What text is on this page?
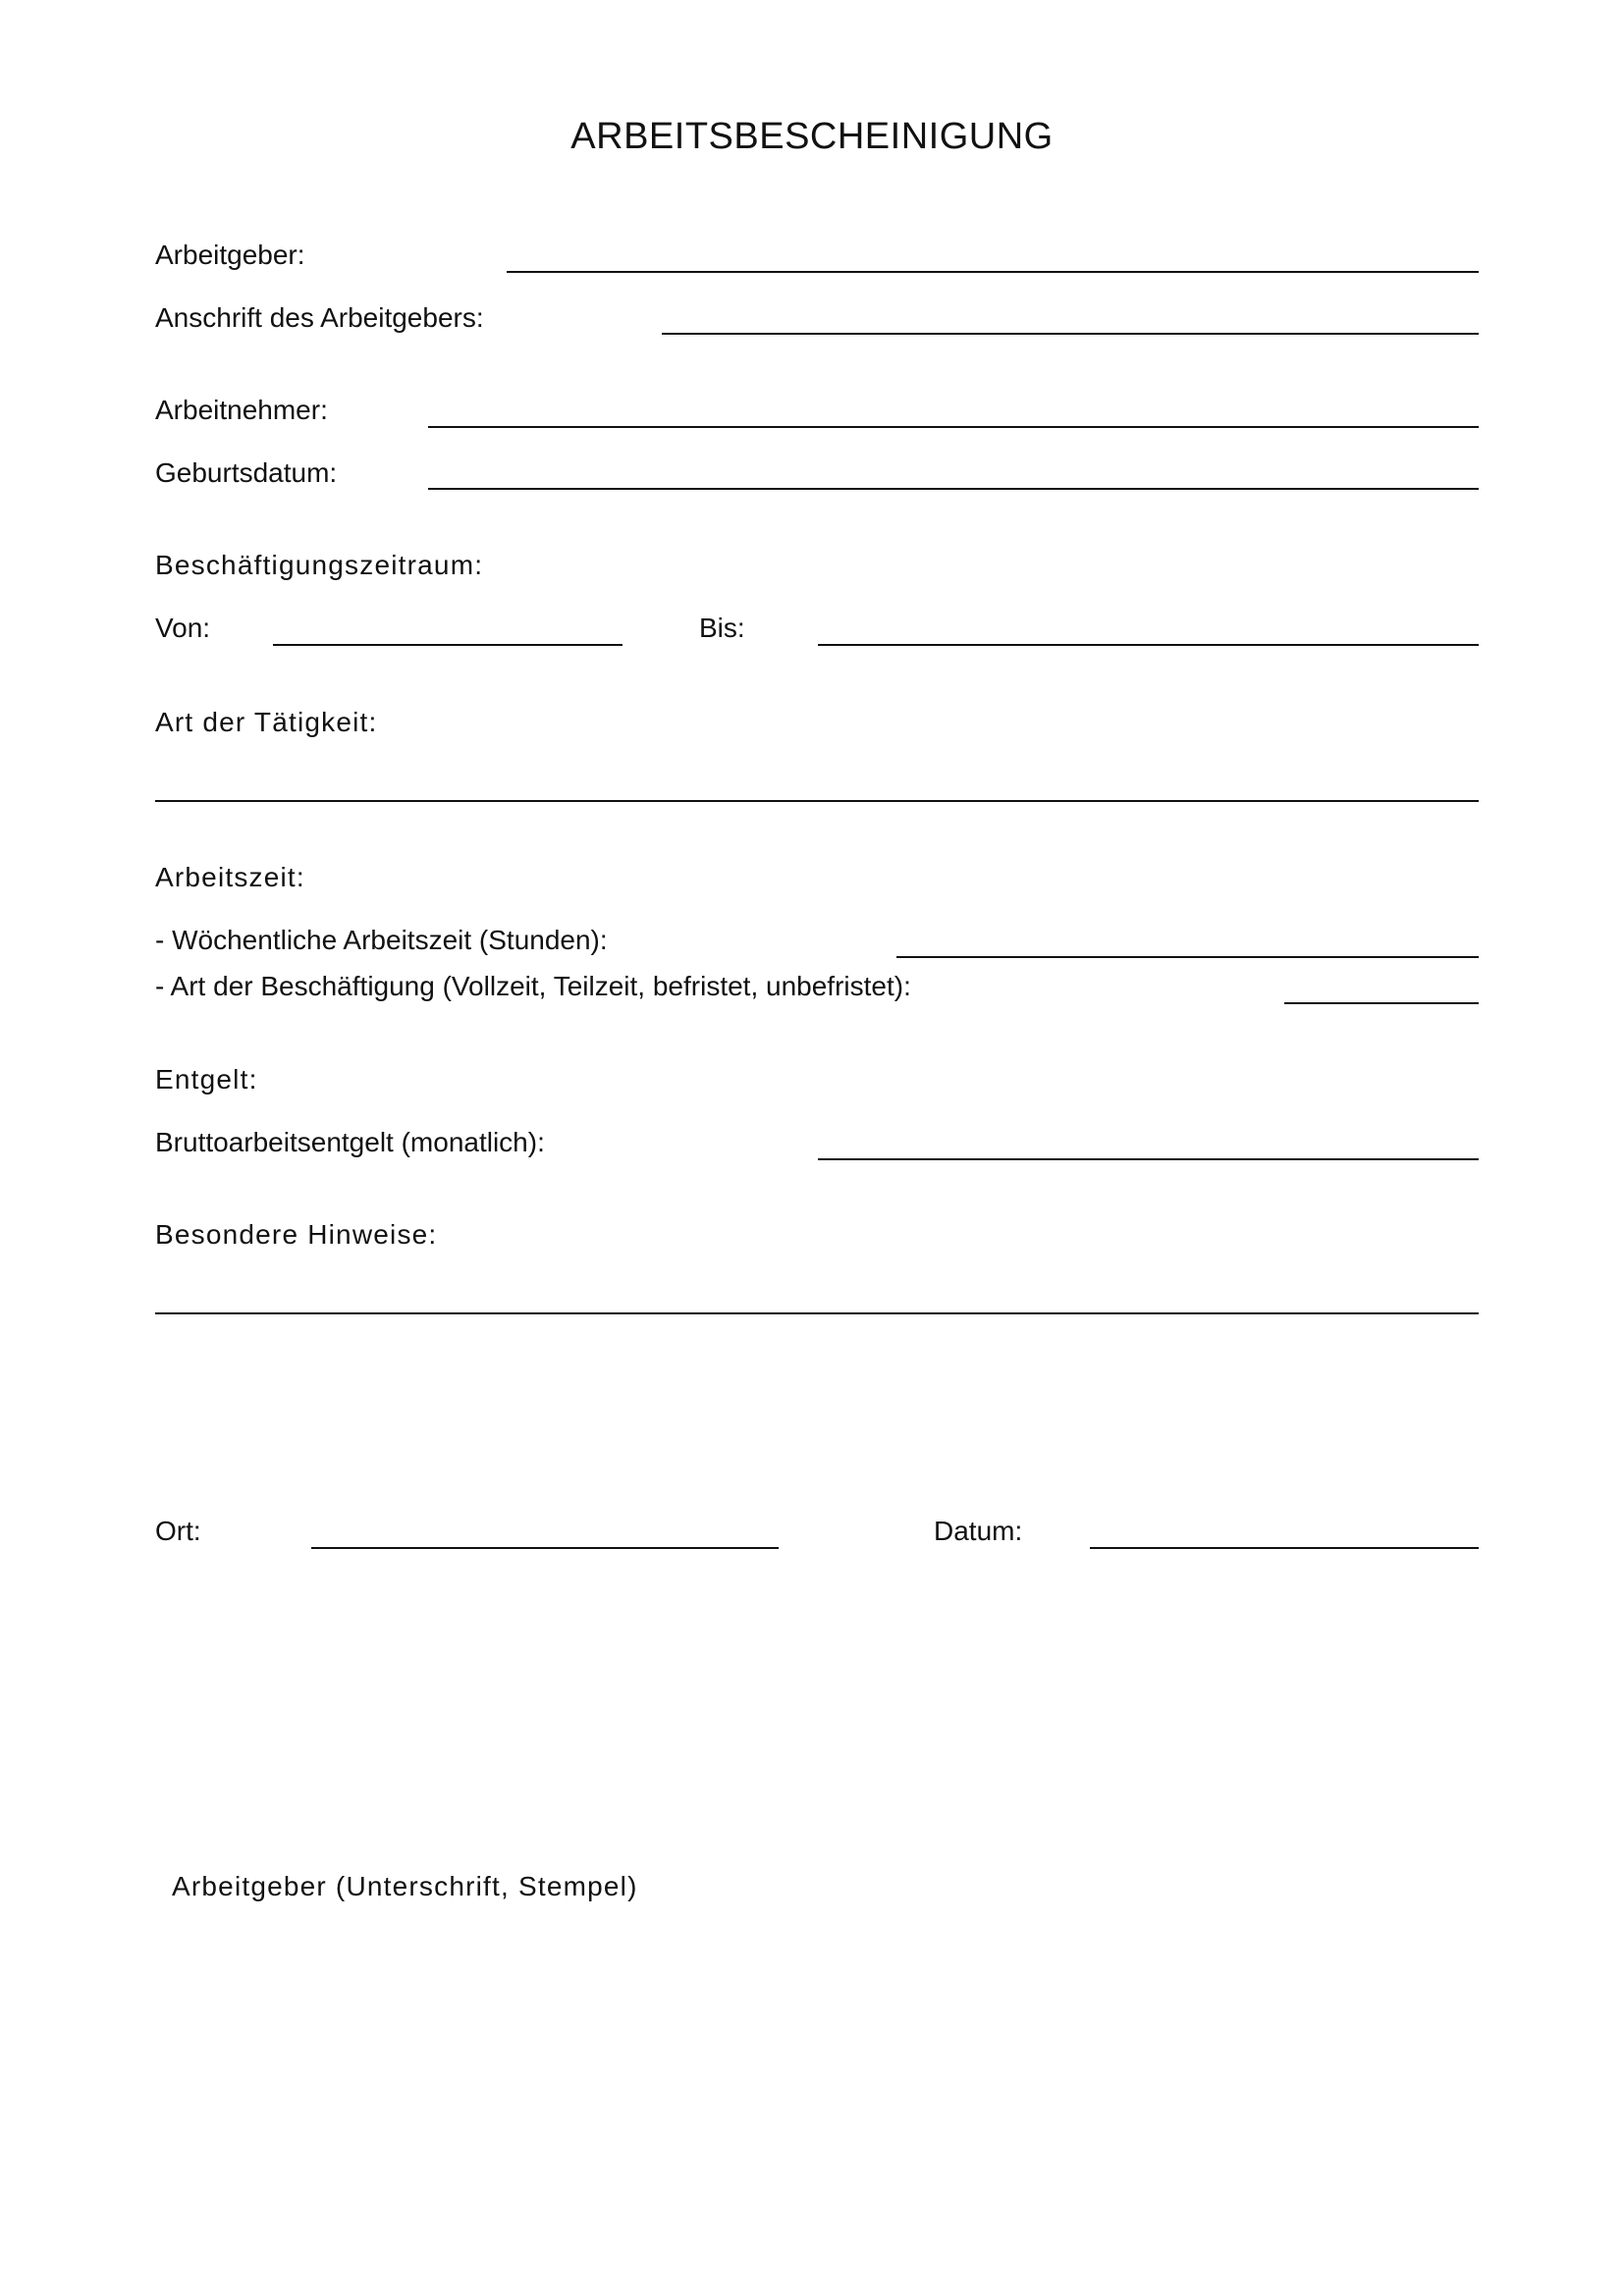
ARBEITSBESCHEINIGUNG
Arbeitgeber:
Anschrift des Arbeitgebers:
Arbeitnehmer:
Geburtsdatum:
Beschäftigungszeitraum:
Von:	Bis:
Art der Tätigkeit:
Arbeitszeit:
- Wöchentliche Arbeitszeit (Stunden):
- Art der Beschäftigung (Vollzeit, Teilzeit, befristet, unbefristet):
Entgelt:
Bruttoarbeitsentgelt (monatlich):
Besondere Hinweise:
Ort:	Datum:
Arbeitgeber (Unterschrift, Stempel)
